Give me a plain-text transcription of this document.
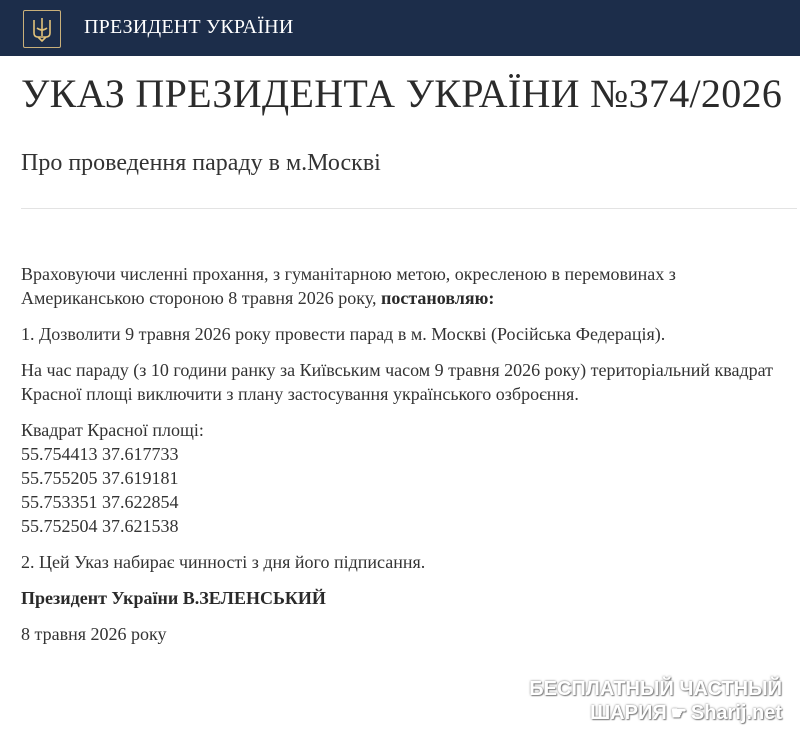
ПРЕЗИДЕНТ УКРАЇНИ
УКАЗ ПРЕЗИДЕНТА УКРАЇНИ №374/2026
Про проведення параду в м.Москві

Враховуючи численні прохання, з гуманітарною метою, окресленою в перемовинах з Американською стороною 8 травня 2026 року, постановляю:

1. Дозволити 9 травня 2026 року провести парад в м. Москві (Російська Федерація).

На час параду (з 10 години ранку за Київським часом 9 травня 2026 року) територіальний квадрат Красної площі виключити з плану застосування українського озброєння.

Квадрат Красної площі:
55.754413 37.617733
55.755205 37.619181
55.753351 37.622854
55.752504 37.621538

2. Цей Указ набирає чинності з дня його підписання.

Президент України В.ЗЕЛЕНСЬКИЙ

8 травня 2026 року

БЕСПЛАТНЫЙ ЧАСТНЫЙ
ШАРИЯ ☛ Sharij.net
